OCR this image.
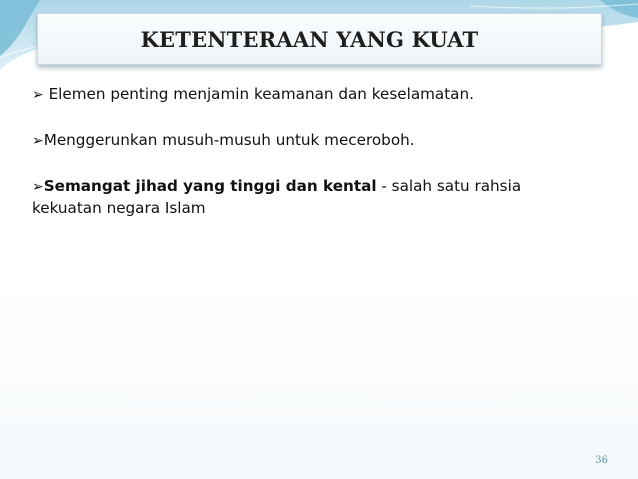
KETENTERAAN YANG KUAT

➢ Elemen penting menjamin keamanan dan keselamatan.

➢Menggerunkan musuh-musuh untuk meceroboh.

➢Semangat jihad yang tinggi dan kental - salah satu rahsia kekuatan negara Islam

36
